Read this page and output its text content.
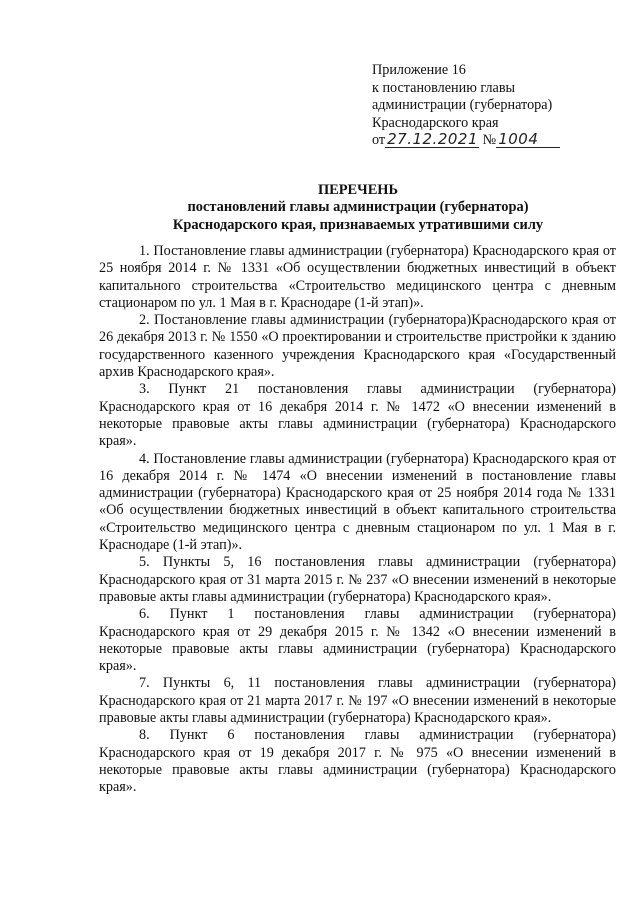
Приложение 16
к постановлению главы
администрации (губернатора)
Краснодарского края
от 27.12.2021 № 1004
ПЕРЕЧЕНЬ
постановлений главы администрации (губернатора)
Краснодарского края, признаваемых утратившими силу

1. Постановление главы администрации (губернатора) Краснодарского края от 25 ноября 2014 г. № 1331 «Об осуществлении бюджетных инвестиций в объект капитального строительства «Строительство медицинского центра с дневным стационаром по ул. 1 Мая в г. Краснодаре (1-й этап)».

2. Постановление главы администрации (губернатора)Краснодарского края от 26 декабря 2013 г. № 1550 «О проектировании и строительстве пристройки к зданию государственного казенного учреждения Краснодарского края «Государственный архив Краснодарского края».

3. Пункт 21 постановления главы администрации (губернатора) Краснодарского края от 16 декабря 2014 г. № 1472 «О внесении изменений в некоторые правовые акты главы администрации (губернатора) Краснодарского края».

4. Постановление главы администрации (губернатора) Краснодарского края от 16 декабря 2014 г. № 1474 «О внесении изменений в постановление главы администрации (губернатора) Краснодарского края от 25 ноября 2014 года № 1331 «Об осуществлении бюджетных инвестиций в объект капитального строительства «Строительство медицинского центра с дневным стационаром по ул. 1 Мая в г. Краснодаре (1-й этап)».

5. Пункты 5, 16 постановления главы администрации (губернатора) Краснодарского края от 31 марта 2015 г. № 237 «О внесении изменений в некоторые правовые акты главы администрации (губернатора) Краснодарского края».

6. Пункт 1 постановления главы администрации (губернатора) Краснодарского края от 29 декабря 2015 г. № 1342 «О внесении изменений в некоторые правовые акты главы администрации (губернатора) Краснодарского края».

7. Пункты 6, 11 постановления главы администрации (губернатора) Краснодарского края от 21 марта 2017 г. № 197 «О внесении изменений в некоторые правовые акты главы администрации (губернатора) Краснодарского края».

8. Пункт 6 постановления главы администрации (губернатора) Краснодарского края от 19 декабря 2017 г. № 975 «О внесении изменений в некоторые правовые акты главы администрации (губернатора) Краснодарского края».
